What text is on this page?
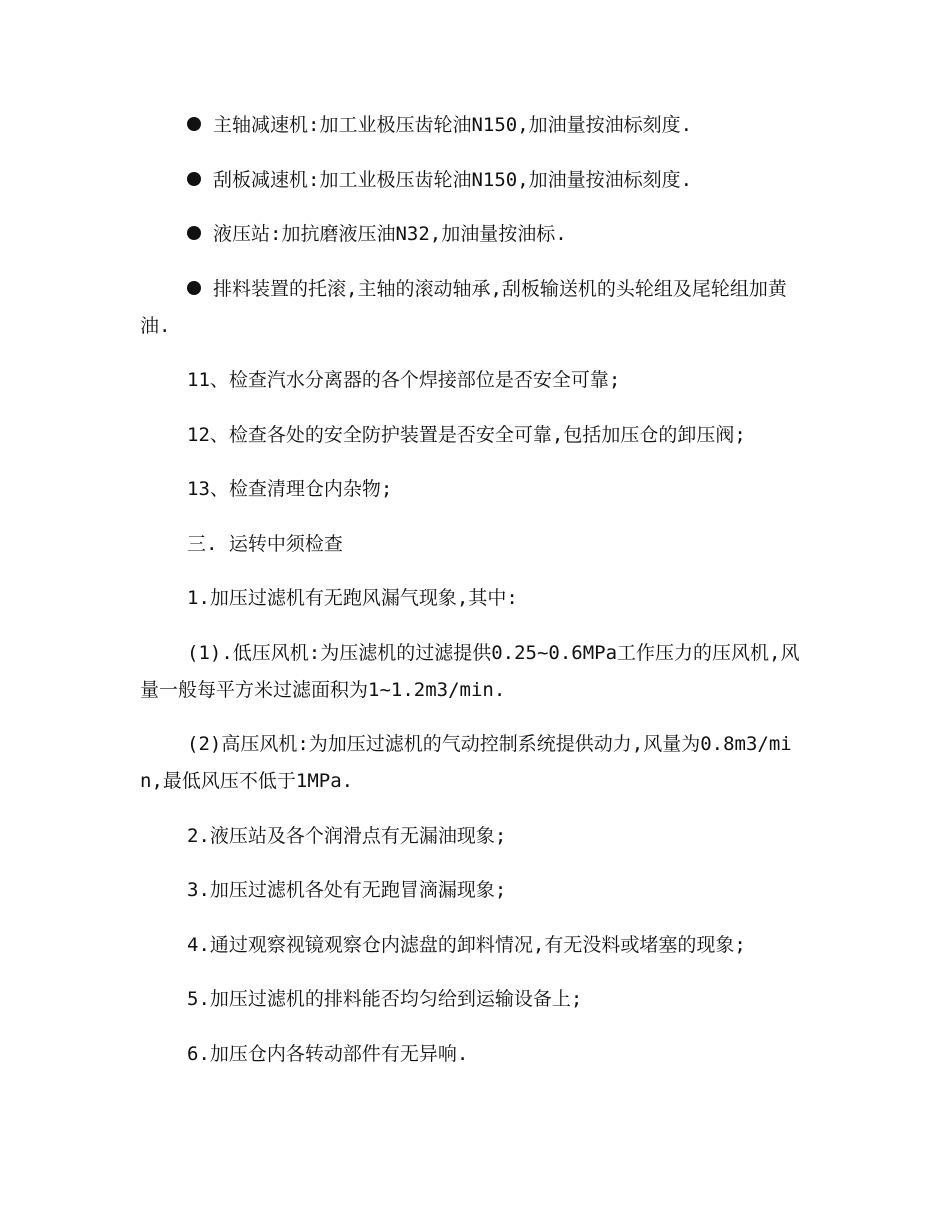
主轴减速机:加工业极压齿轮油N150,加油量按油标刻度.

刮板减速机:加工业极压齿轮油N150,加油量按油标刻度.

液压站:加抗磨液压油N32,加油量按油标.

排料装置的托滚,主轴的滚动轴承,刮板输送机的头轮组及尾轮组加黄油.

11、检查汽水分离器的各个焊接部位是否安全可靠;

12、检查各处的安全防护装置是否安全可靠,包括加压仓的卸压阀;

13、检查清理仓内杂物;

三. 运转中须检查

1.加压过滤机有无跑风漏气现象,其中:

(1).低压风机:为压滤机的过滤提供0.25~0.6MPa工作压力的压风机,风量一般每平方米过滤面积为1~1.2m3/min.

(2)高压风机:为加压过滤机的气动控制系统提供动力,风量为0.8m3/min,最低风压不低于1MPa.

2.液压站及各个润滑点有无漏油现象;

3.加压过滤机各处有无跑冒滴漏现象;

4.通过观察视镜观察仓内滤盘的卸料情况,有无没料或堵塞的现象;

5.加压过滤机的排料能否均匀给到运输设备上;

6.加压仓内各转动部件有无异响.
